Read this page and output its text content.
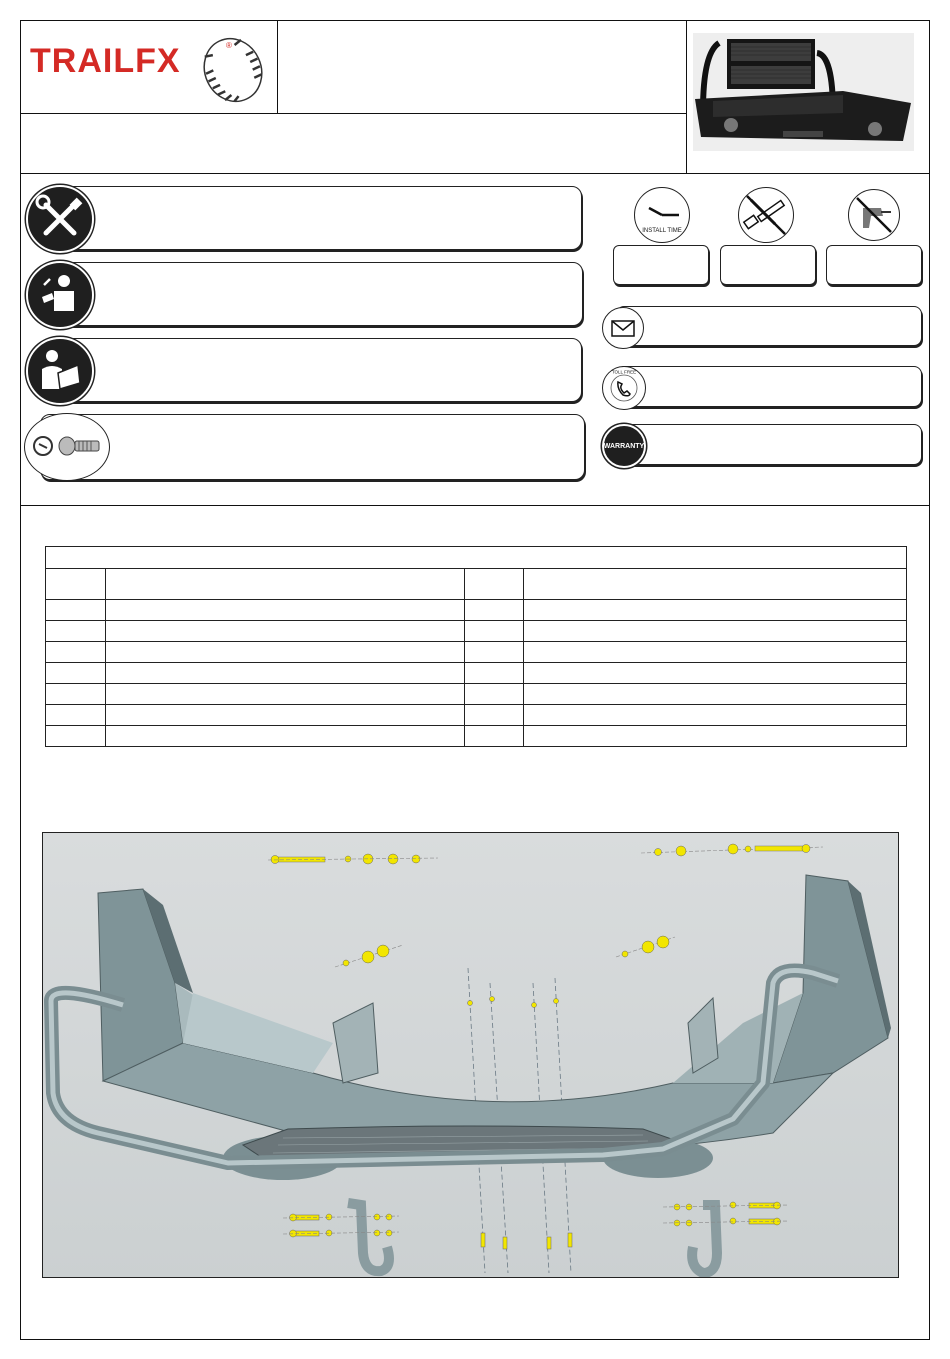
TRAILFX	®
INSTALL TIME
TOLL FREE
WARRANTY
